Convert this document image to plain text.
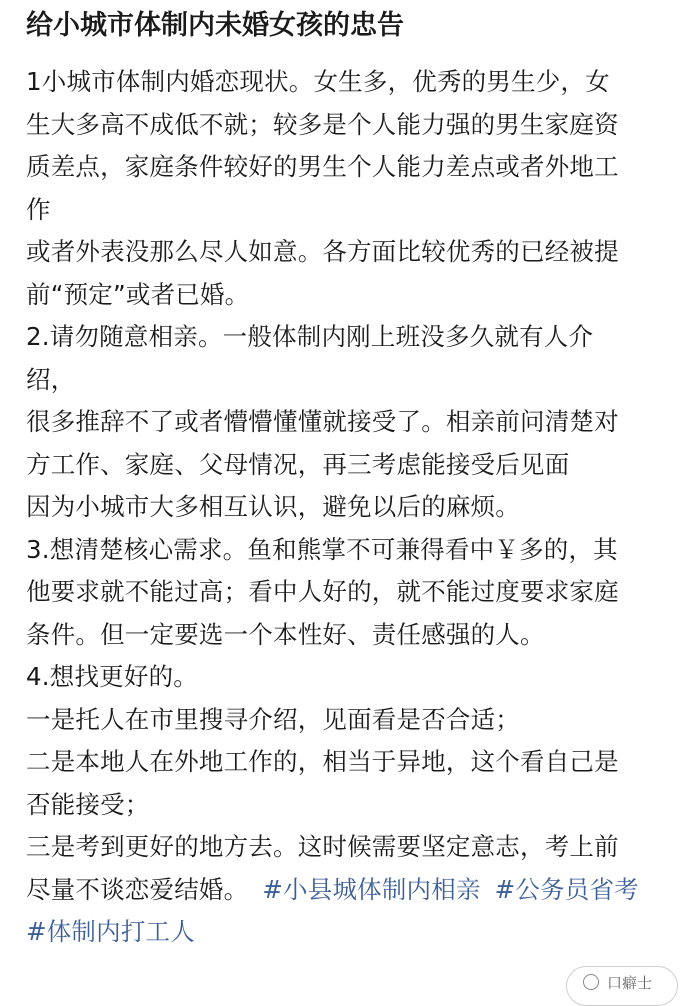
给小城市体制内未婚女孩的忠告
1小城市体制内婚恋现状。女生多，优秀的男生少，女
生大多高不成低不就；较多是个人能力强的男生家庭资
质差点，家庭条件较好的男生个人能力差点或者外地工
作
或者外表没那么尽人如意。各方面比较优秀的已经被提
前“预定”或者已婚。
2.请勿随意相亲。一般体制内刚上班没多久就有人介
绍，
很多推辞不了或者懵懵懂懂就接受了。相亲前问清楚对
方工作、家庭、父母情况，再三考虑能接受后见面
因为小城市大多相互认识，避免以后的麻烦。
3.想清楚核心需求。鱼和熊掌不可兼得看中￥多的，其
他要求就不能过高；看中人好的，就不能过度要求家庭
条件。但一定要选一个本性好、责任感强的人。
4.想找更好的。
一是托人在市里搜寻介绍，见面看是否合适；
二是本地人在外地工作的，相当于异地，这个看自己是
否能接受；
三是考到更好的地方去。这时候需要坚定意志，考上前
尽量不谈恋爱结婚。 #小县城体制内相亲 #公务员省考
#体制内打工人
口癖士
